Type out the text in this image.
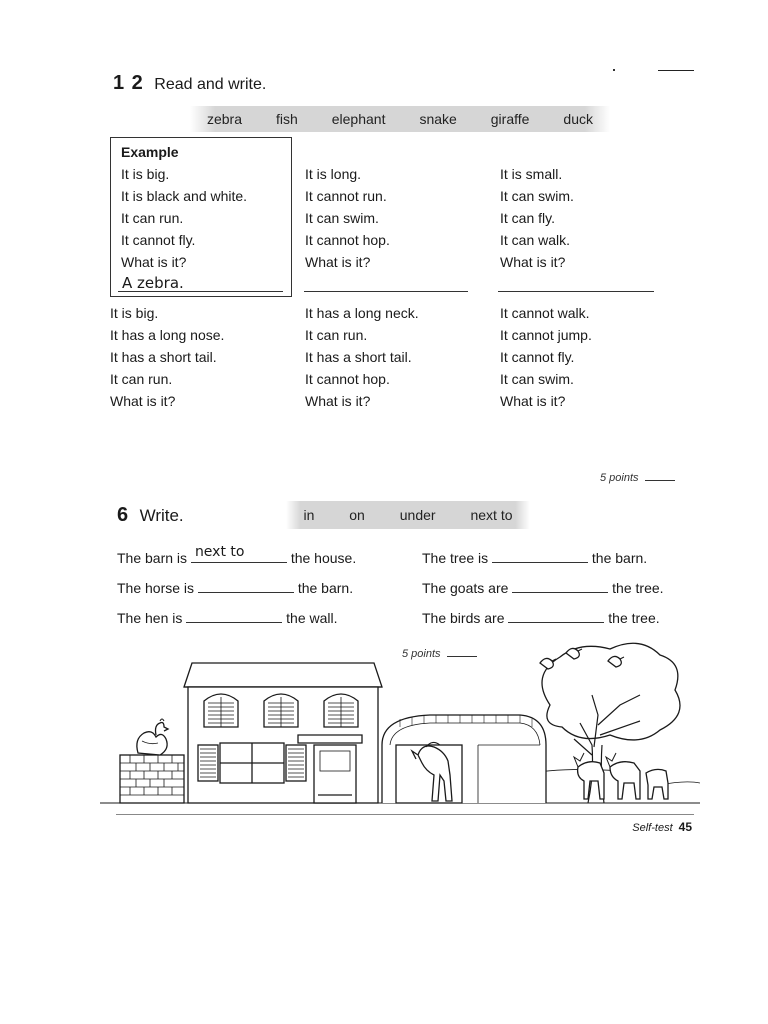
1 2 Read and write.
zebra fish elephant snake giraffe duck
Example
It is big.
It is black and white.
It can run.
It cannot fly.
What is it?
A zebra.
It is long.
It cannot run.
It can swim.
It cannot hop.
What is it?
It is small.
It can swim.
It can fly.
It can walk.
What is it?
It is big.
It has a long nose.
It has a short tail.
It can run.
What is it?
It has a long neck.
It can run.
It has a short tail.
It cannot hop.
What is it?
It cannot walk.
It cannot jump.
It cannot fly.
It can swim.
What is it?
5 points
6 Write.	in on under next to
The barn is next to	the house.
The horse is	the barn.
The hen is	the wall.
The tree is	the barn.
The goats are	the tree.
The birds are	the tree.
5 points
Self-test 45
